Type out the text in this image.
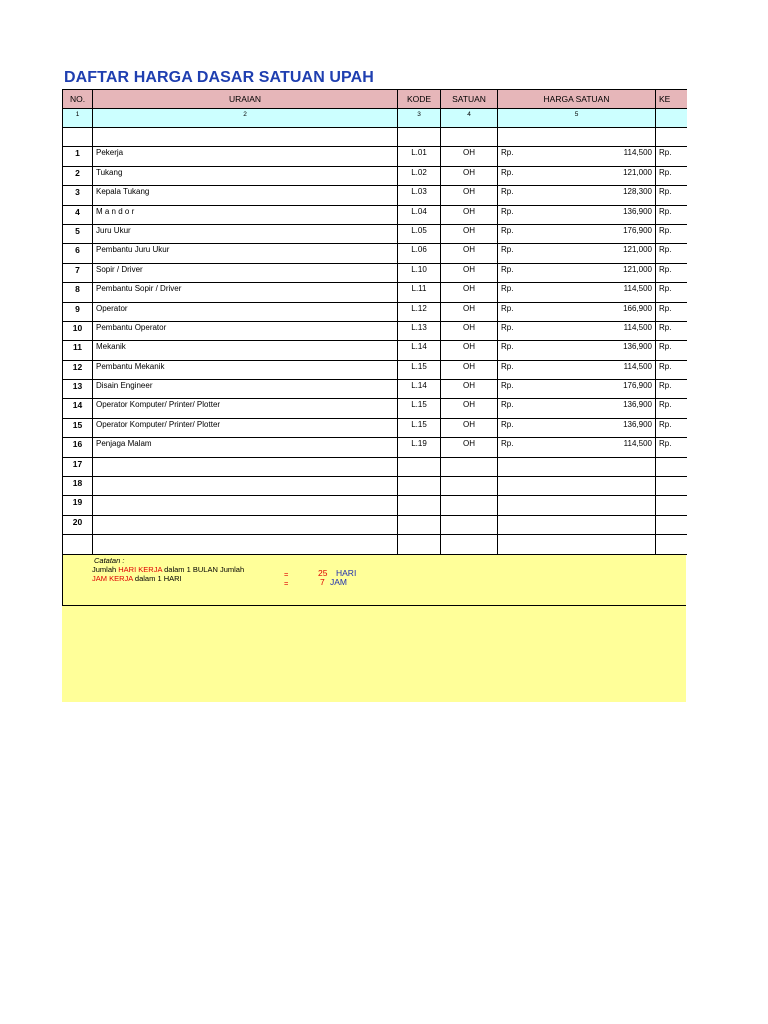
DAFTAR HARGA DASAR SATUAN UPAH
NO.	URAIAN	KODE	SATUAN	HARGA SATUAN	KE
1	2	3	4	5	

1	Pekerja	L.01	OH	Rp. 114,500	Rp.
2	Tukang	L.02	OH	Rp. 121,000	Rp.
3	Kepala Tukang	L.03	OH	Rp. 128,300	Rp.
4	M a n d o r	L.04	OH	Rp. 136,900	Rp.
5	Juru Ukur	L.05	OH	Rp. 176,900	Rp.
6	Pembantu Juru Ukur	L.06	OH	Rp. 121,000	Rp.
7	Sopir / Driver	L.10	OH	Rp. 121,000	Rp.
8	Pembantu Sopir / Driver	L.11	OH	Rp. 114,500	Rp.
9	Operator	L.12	OH	Rp. 166,900	Rp.
10	Pembantu Operator	L.13	OH	Rp. 114,500	Rp.
11	Mekanik	L.14	OH	Rp. 136,900	Rp.
12	Pembantu Mekanik	L.15	OH	Rp. 114,500	Rp.
13	Disain Engineer	L.14	OH	Rp. 176,900	Rp.
14	Operator Komputer/ Printer/ Plotter	L.15	OH	Rp. 136,900	Rp.
15	Operator Komputer/ Printer/ Plotter	L.15	OH	Rp. 136,900	Rp.
16	Penjaga Malam	L.19	OH	Rp. 114,500	Rp.
17				

18				

19				

20				

Catatan :
Jumlah HARI KERJA dalam 1 BULAN Jumlah
JAM KERJA dalam 1 HARI	=	25 HARI
=	7 JAM
